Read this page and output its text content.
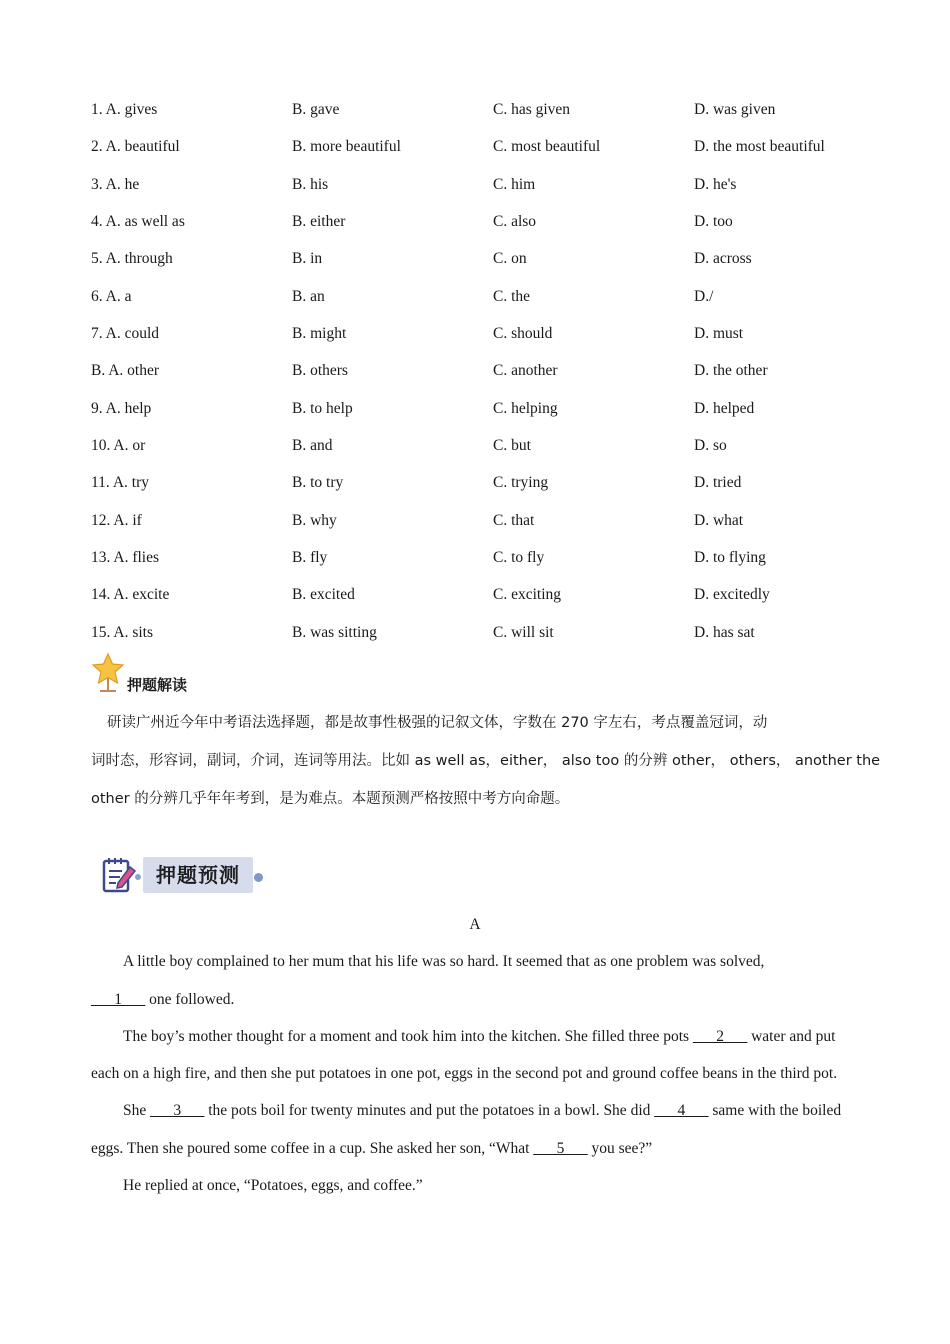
1. A. gives	B. gave	C. has given	D. was given
2. A. beautiful	B. more beautiful	C. most beautiful	D. the most beautiful
3. A. he	B. his	C. him	D. he's
4. A. as well as	B. either	C. also	D. too
5. A. through	B. in	C. on	D. across
6. A. a	B. an	C. the	D./
7. A. could	B. might	C. should	D. must
B. A. other	B. others	C. another	D. the other
9. A. help	B. to help	C. helping	D. helped
10. A. or	B. and	C. but	D. so
11. A. try	B. to try	C. trying	D. tried
12. A. if	B. why	C. that	D. what
13. A. flies	B. fly	C. to fly	D. to flying
14. A. excite	B. excited	C. exciting	D. excitedly
15. A. sits	B. was sitting	C. will sit	D. has sat
押题解读

研读广州近今年中考语法选择题，都是故事性极强的记叙文体，字数在 270 字左右，考点覆盖冠词，动

词时态，形容词，副词，介词，连词等用法。比如 as well as，either， also too 的分辨 other， others， another the

other 的分辨几乎年年考到，是为难点。本题预测严格按照中考方向命题。

押题预测

A

A little boy complained to her mum that his life was so hard. It seemed that as one problem was solved,
___1___ one followed.

The boy’s mother thought for a moment and took him into the kitchen. She filled three pots ___2___ water and put each on a high fire, and then she put potatoes in one pot, eggs in the second pot and ground coffee beans in the third pot.

She ___3___ the pots boil for twenty minutes and put the potatoes in a bowl. She did ___4___ same with the boiled eggs. Then she poured some coffee in a cup. She asked her son, “What ___5___ you see?”

He replied at once, “Potatoes, eggs, and coffee.”
